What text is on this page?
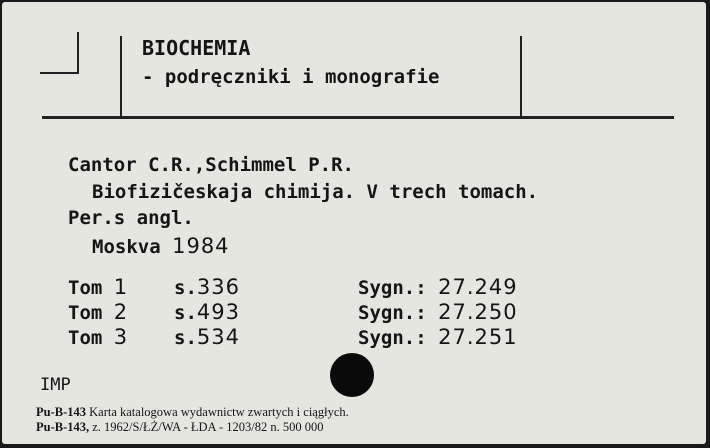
BIOCHEMIA
- podręczniki i monografie
Cantor C.R.,Schimmel P.R.
Biofizičeskaja chimija. V trech tomach.
Per.s angl.
Moskva 1984
Tom 1 s.336	Sygn.: 27.249
Tom 2 s.493	Sygn.: 27.250
Tom 3 s.534	Sygn.: 27.251
IMP
Pu-B-143 Karta katalogowa wydawnictw zwartych i ciągłych.
Pu-B-143, z. 1962/S/ŁŻ/WA - ŁDA - 1203/82 n. 500 000
